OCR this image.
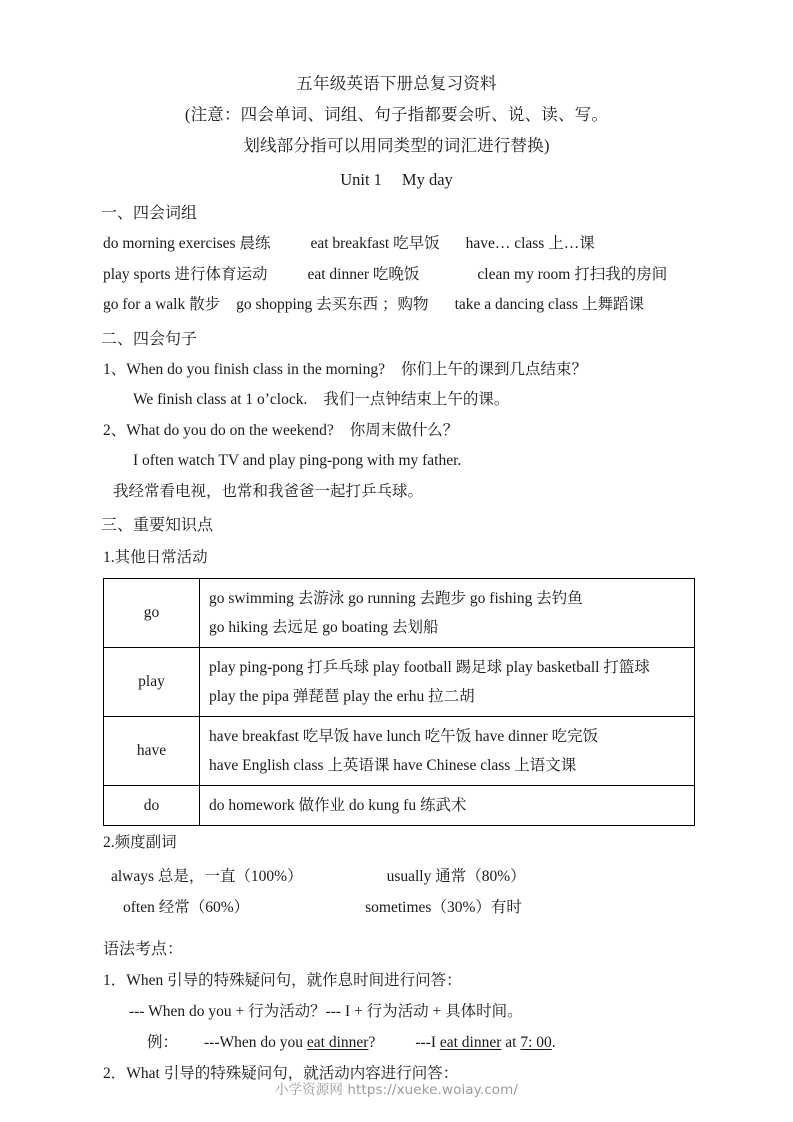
五年级英语下册总复习资料
(注意：四会单词、词组、句子指都要会听、说、读、写。
划线部分指可以用同类型的词汇进行替换)
Unit 1 My day
一、四会词组
do morning exercises 晨练	eat breakfast 吃早饭 have… class 上…课
play sports 进行体育运动	eat dinner 吃晚饭	clean my room 打扫我的房间
go for a walk 散步 go shopping 去买东西 ；购物 take a dancing class 上舞蹈课
二、四会句子
1、When do you finish class in the morning? 你们上午的课到几点结束？
We finish class at 1 o’clock. 我们一点钟结束上午的课。
2、What do you do on the weekend? 你周末做什么？
I often watch TV and play ping-pong with my father.
我经常看电视，也常和我爸爸一起打乒乓球。
三、重要知识点
1.其他日常活动
go	go swimming 去游泳 go running 去跑步 go fishing 去钓鱼
go hiking 去远足 go boating 去划船

play	play ping-pong 打乒乓球 play football 踢足球 play basketball 打篮球
play the pipa 弹琵琶 play the erhu 拉二胡

have	have breakfast 吃早饭 have lunch 吃午饭 have dinner 吃完饭
have English class 上英语课 have Chinese class 上语文课

do	do homework 做作业 do kung fu 练武术
2.频度副词
always 总是，一直（100%）	usually 通常（80%）
often 经常（60%）	sometimes（30%）有时
语法考点：
1．When 引导的特殊疑问句，就作息时间进行问答：
--- When do you + 行为活动？--- I + 行为活动 + 具体时间。
例： ---When do you eat dinner?	---I eat dinner at 7: 00.
2．What 引导的特殊疑问句，就活动内容进行问答：
小学资源网 https://xueke.woiay.com/
